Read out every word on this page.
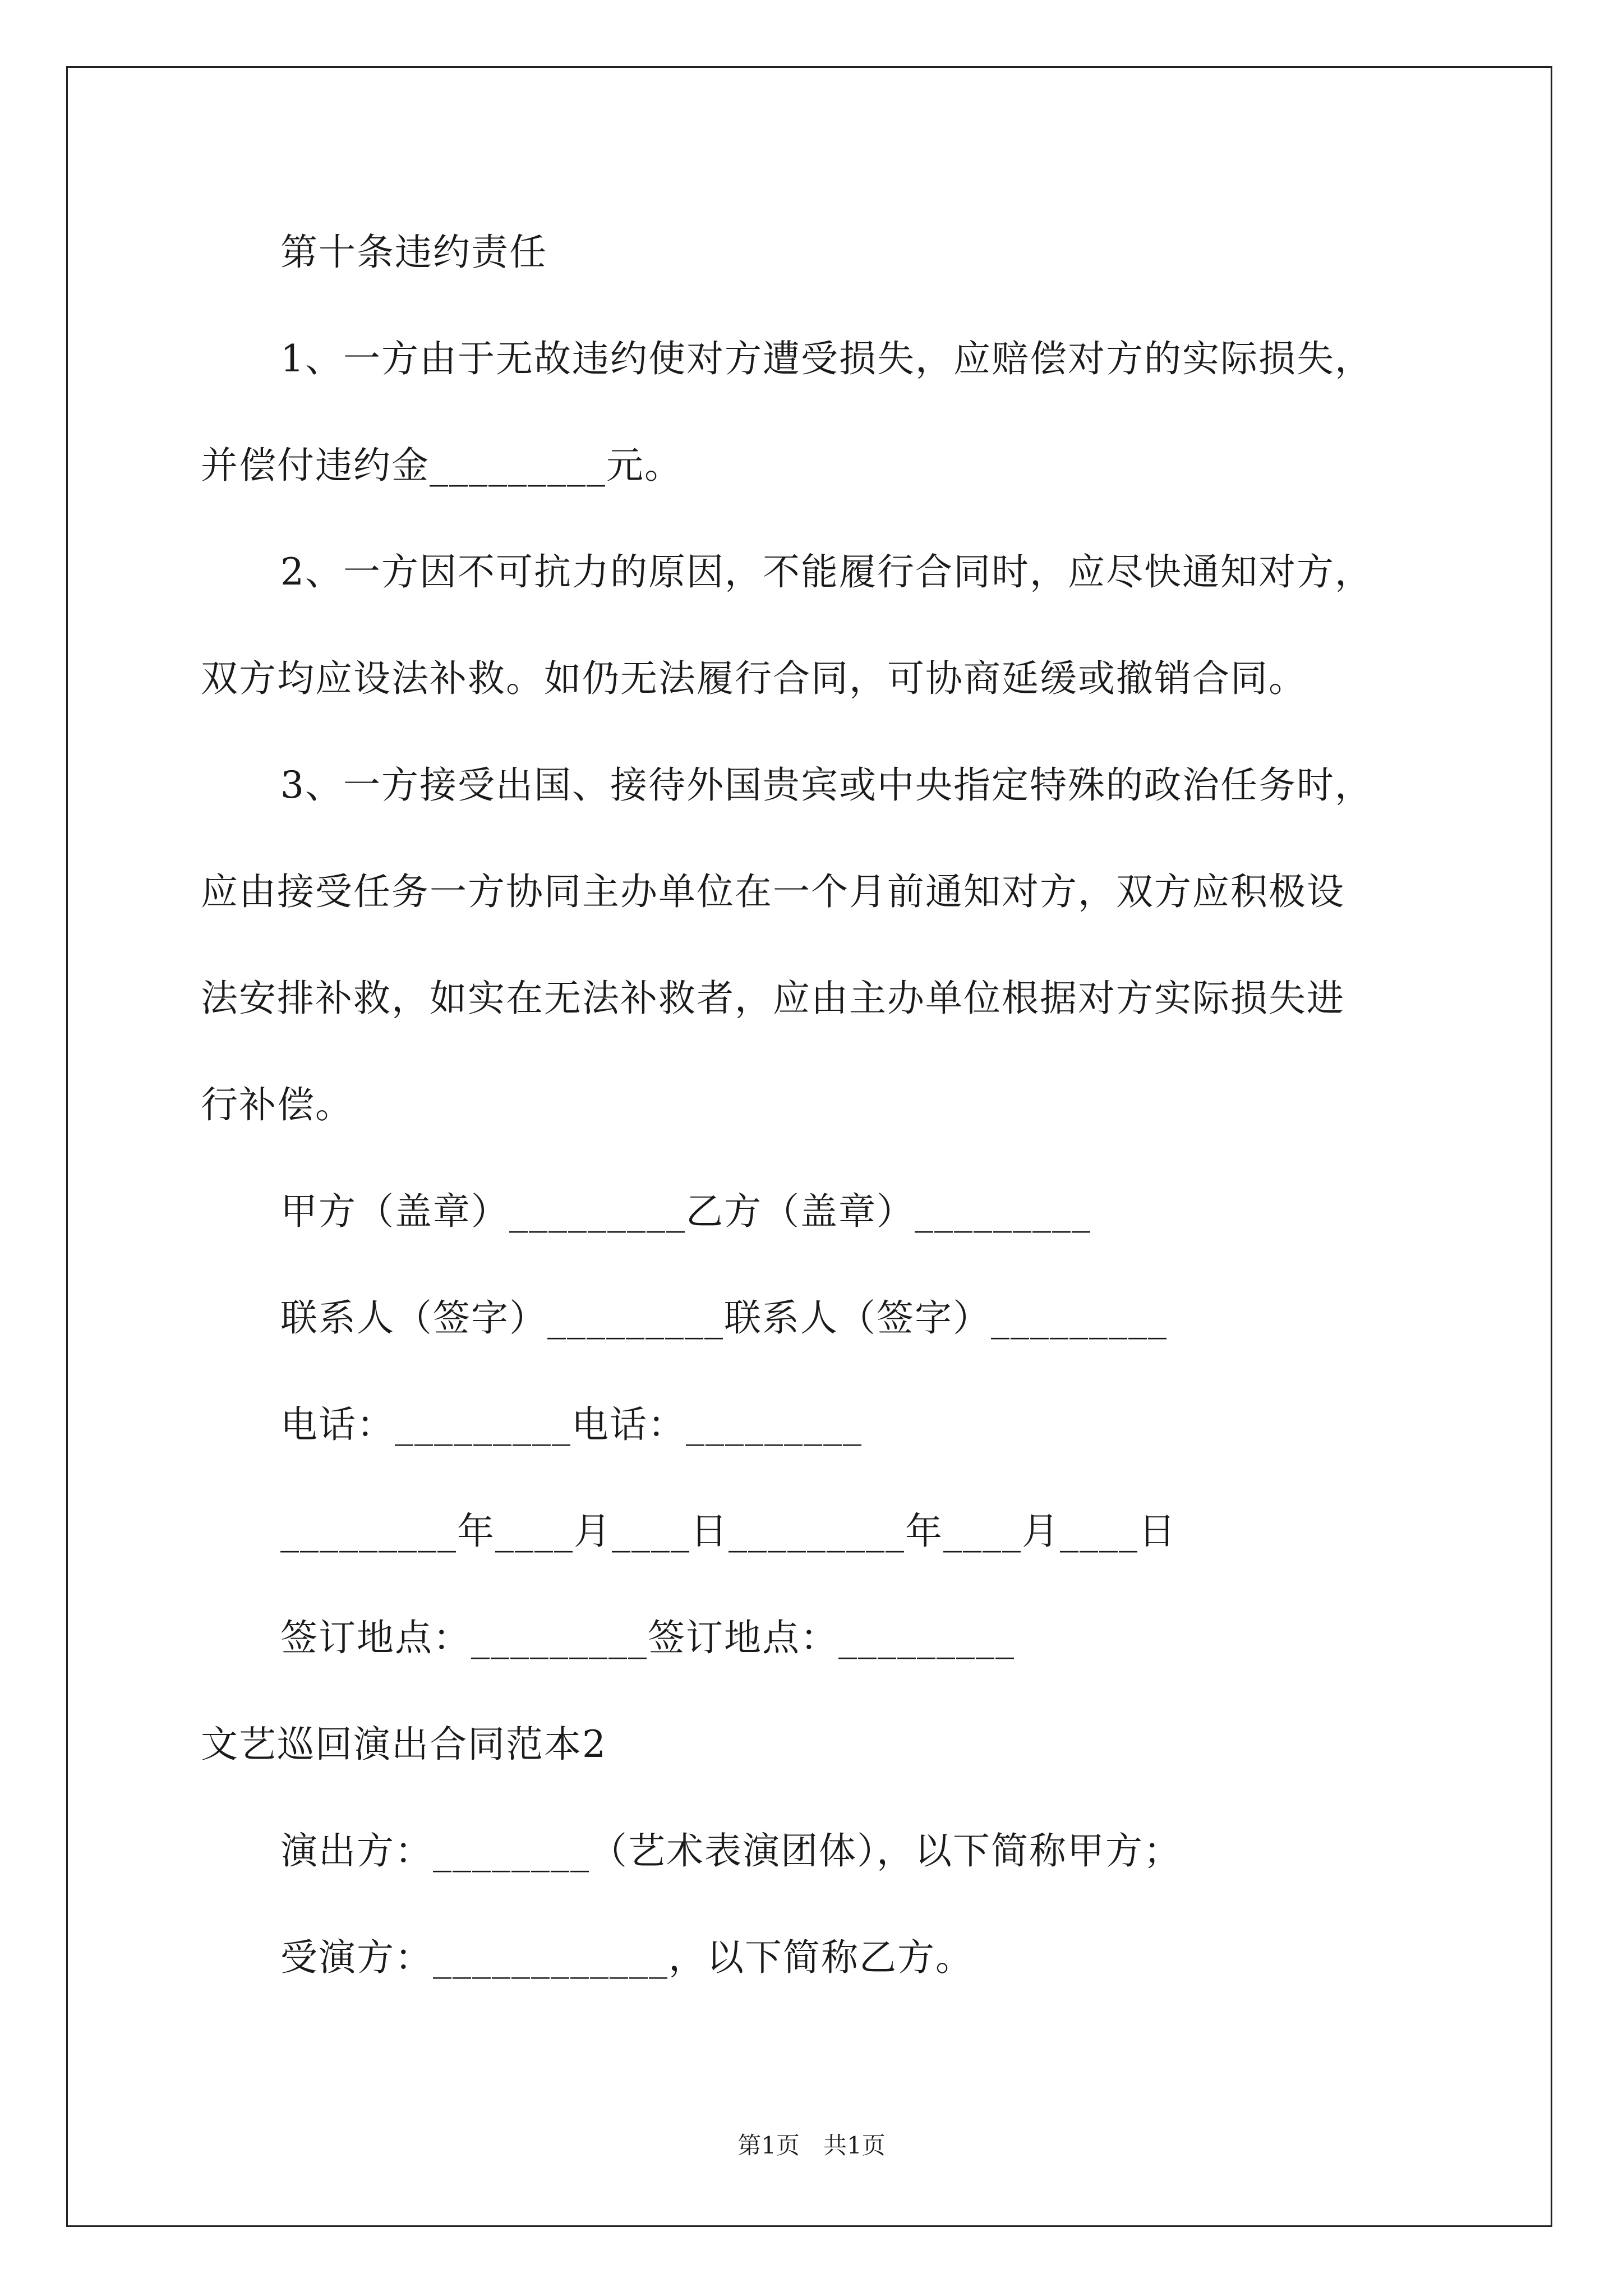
第十条违约责任
1、一方由于无故违约使对方遭受损失，应赔偿对方的实际损失，
并偿付违约金_________元。
2、一方因不可抗力的原因，不能履行合同时，应尽快通知对方，
双方均应设法补救。如仍无法履行合同，可协商延缓或撤销合同。
3、一方接受出国、接待外国贵宾或中央指定特殊的政治任务时，
应由接受任务一方协同主办单位在一个月前通知对方，双方应积极设
法安排补救，如实在无法补救者，应由主办单位根据对方实际损失进
行补偿。
甲方（盖章）_________乙方（盖章）_________
联系人（签字）_________联系人（签字）_________
电话：_________电话：_________
_________年____月____日_________年____月____日
签订地点：_________签订地点：_________
文艺巡回演出合同范本2
演出方：________（艺术表演团体），以下简称甲方；
受演方：____________，以下简称乙方。
第1页　共1页
